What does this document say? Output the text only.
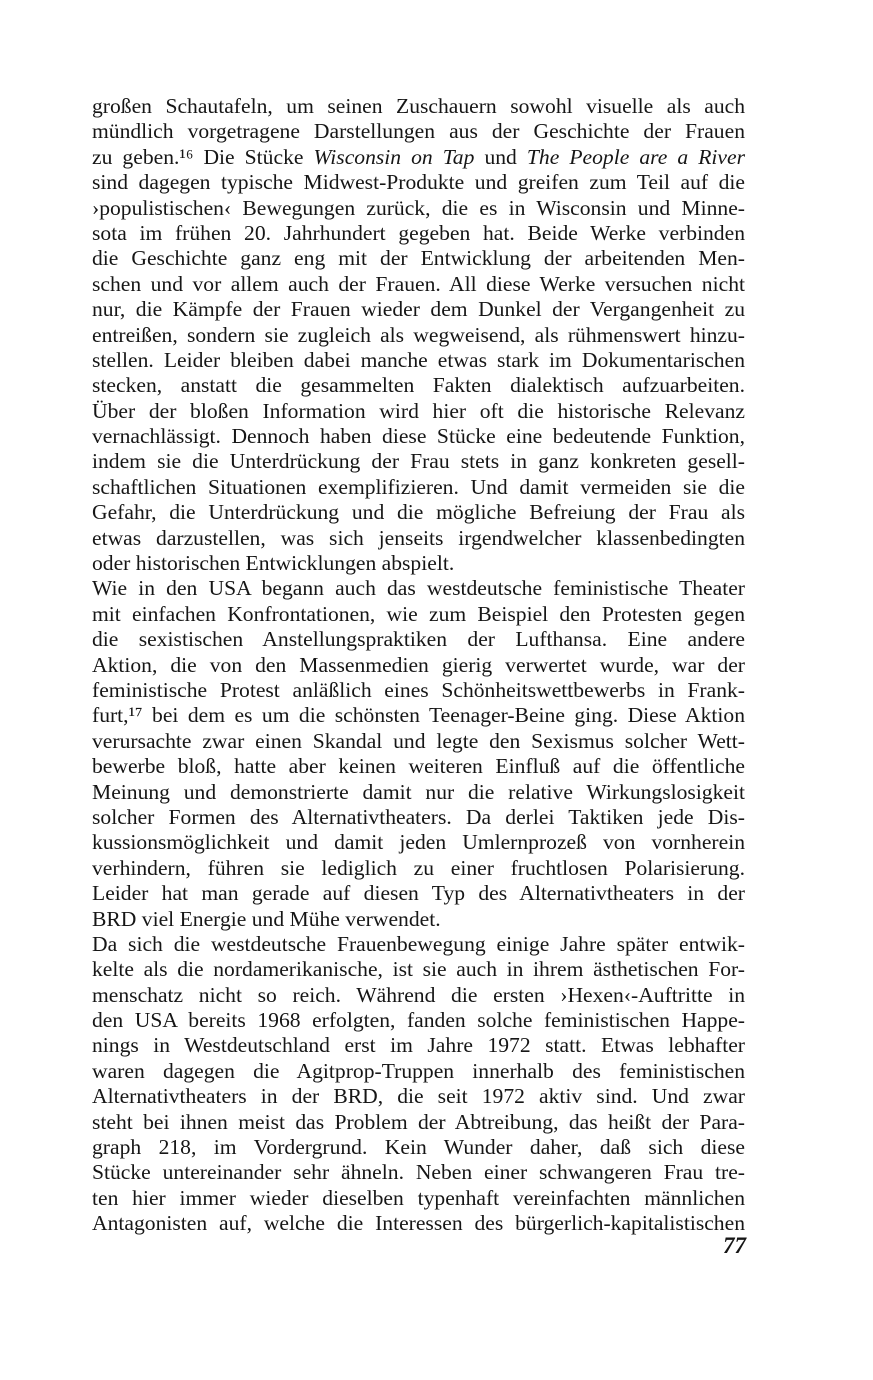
großen Schautafeln, um seinen Zuschauern sowohl visuelle als auch
mündlich vorgetragene Darstellungen aus der Geschichte der Frauen
zu geben.¹⁶ Die Stücke Wisconsin on Tap und The People are a River
sind dagegen typische Midwest-Produkte und greifen zum Teil auf die
›populistischen‹ Bewegungen zurück, die es in Wisconsin und Minne-
sota im frühen 20. Jahrhundert gegeben hat. Beide Werke verbinden
die Geschichte ganz eng mit der Entwicklung der arbeitenden Men-
schen und vor allem auch der Frauen. All diese Werke versuchen nicht
nur, die Kämpfe der Frauen wieder dem Dunkel der Vergangenheit zu
entreißen, sondern sie zugleich als wegweisend, als rühmenswert hinzu-
stellen. Leider bleiben dabei manche etwas stark im Dokumentarischen
stecken, anstatt die gesammelten Fakten dialektisch aufzuarbeiten.
Über der bloßen Information wird hier oft die historische Relevanz
vernachlässigt. Dennoch haben diese Stücke eine bedeutende Funktion,
indem sie die Unterdrückung der Frau stets in ganz konkreten gesell-
schaftlichen Situationen exemplifizieren. Und damit vermeiden sie die
Gefahr, die Unterdrückung und die mögliche Befreiung der Frau als
etwas darzustellen, was sich jenseits irgendwelcher klassenbedingten
oder historischen Entwicklungen abspielt.
Wie in den USA begann auch das westdeutsche feministische Theater
mit einfachen Konfrontationen, wie zum Beispiel den Protesten gegen
die sexistischen Anstellungspraktiken der Lufthansa. Eine andere
Aktion, die von den Massenmedien gierig verwertet wurde, war der
feministische Protest anläßlich eines Schönheitswettbewerbs in Frank-
furt,¹⁷ bei dem es um die schönsten Teenager-Beine ging. Diese Aktion
verursachte zwar einen Skandal und legte den Sexismus solcher Wett-
bewerbe bloß, hatte aber keinen weiteren Einfluß auf die öffentliche
Meinung und demonstrierte damit nur die relative Wirkungslosigkeit
solcher Formen des Alternativtheaters. Da derlei Taktiken jede Dis-
kussionsmöglichkeit und damit jeden Umlernprozeß von vornherein
verhindern, führen sie lediglich zu einer fruchtlosen Polarisierung.
Leider hat man gerade auf diesen Typ des Alternativtheaters in der
BRD viel Energie und Mühe verwendet.
Da sich die westdeutsche Frauenbewegung einige Jahre später entwik-
kelte als die nordamerikanische, ist sie auch in ihrem ästhetischen For-
menschatz nicht so reich. Während die ersten ›Hexen‹-Auftritte in
den USA bereits 1968 erfolgten, fanden solche feministischen Happe-
nings in Westdeutschland erst im Jahre 1972 statt. Etwas lebhafter
waren dagegen die Agitprop-Truppen innerhalb des feministischen
Alternativtheaters in der BRD, die seit 1972 aktiv sind. Und zwar
steht bei ihnen meist das Problem der Abtreibung, das heißt der Para-
graph 218, im Vordergrund. Kein Wunder daher, daß sich diese
Stücke untereinander sehr ähneln. Neben einer schwangeren Frau tre-
ten hier immer wieder dieselben typenhaft vereinfachten männlichen
Antagonisten auf, welche die Interessen des bürgerlich-kapitalistischen
77
